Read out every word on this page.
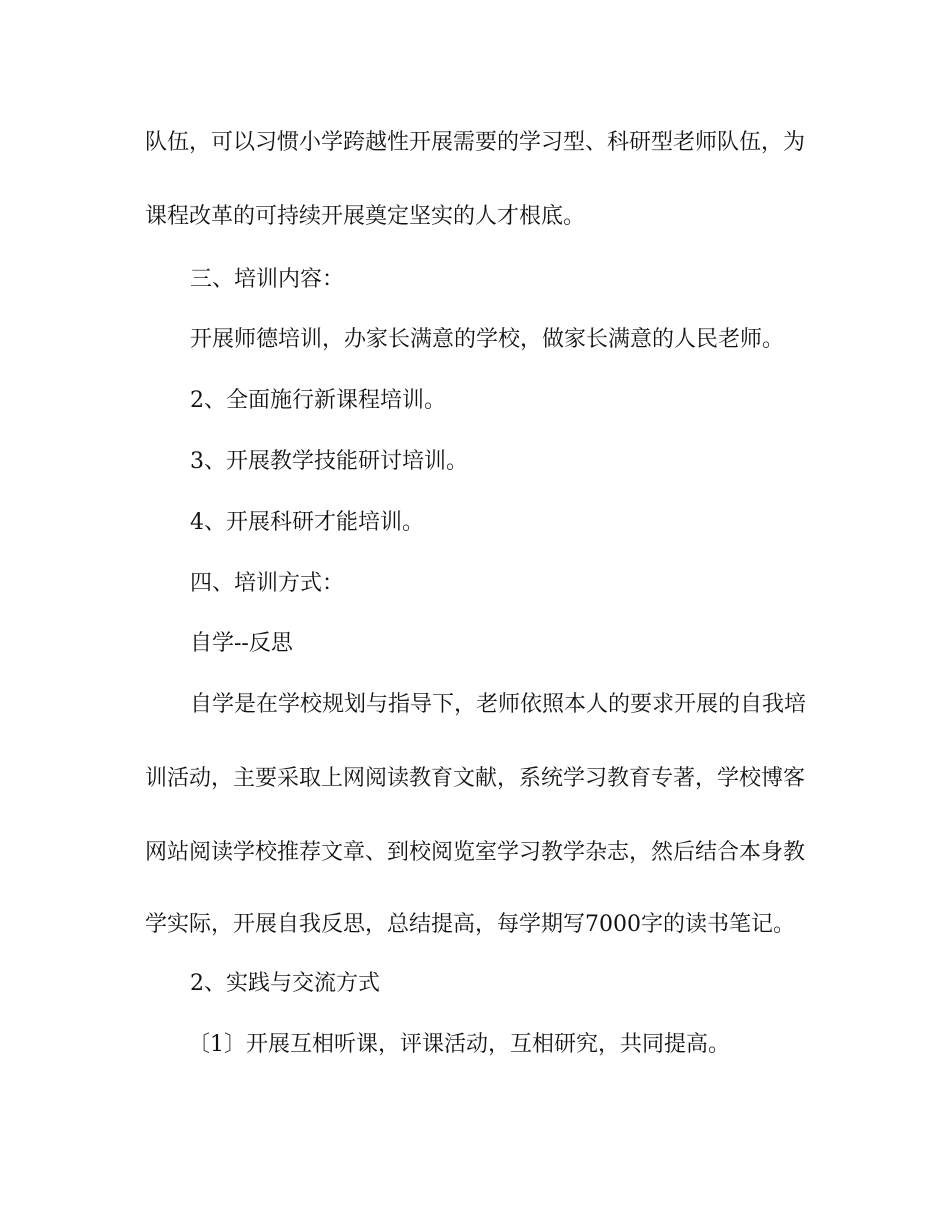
队伍，可以习惯小学跨越性开展需要的学习型、科研型老师队伍，为
课程改革的可持续开展奠定坚实的人才根底。
三、培训内容：
开展师德培训，办家长满意的学校，做家长满意的人民老师。
2、全面施行新课程培训。
3、开展教学技能研讨培训。
4、开展科研才能培训。
四、培训方式：
自学--反思
自学是在学校规划与指导下，老师依照本人的要求开展的自我培
训活动，主要采取上网阅读教育文献，系统学习教育专著，学校博客
网站阅读学校推荐文章、到校阅览室学习教学杂志，然后结合本身教
学实际，开展自我反思，总结提高，每学期写7000字的读书笔记。
2、实践与交流方式
〔1〕开展互相听课，评课活动，互相研究，共同提高。
